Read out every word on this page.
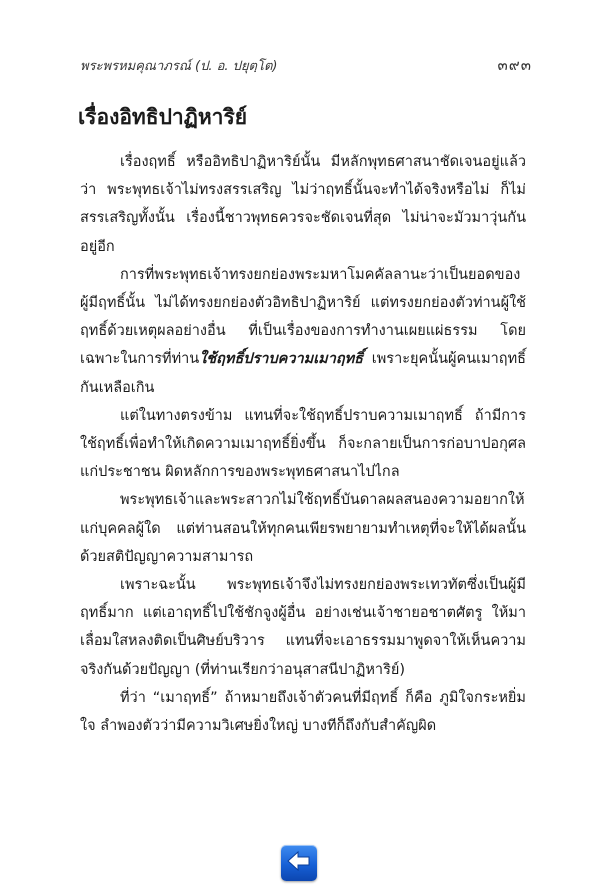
พระพรหมคุณาภรณ์ (ป. อ. ปยุตฺโต)	๓๙๓
เรื่องอิทธิปาฏิหาริย์

เรื่องฤทธิ์ หรืออิทธิปาฏิหาริย์นั้น มีหลักพุทธศาสนาชัดเจนอยู่แล้วว่า พระพุทธเจ้าไม่ทรงสรรเสริญ ไม่ว่าฤทธิ์นั้นจะทำได้จริงหรือไม่ ก็ไม่สรรเสริญทั้งนั้น เรื่องนี้ชาวพุทธควรจะชัดเจนที่สุด ไม่น่าจะมัวมาวุ่นกันอยู่อีก

การที่พระพุทธเจ้าทรงยกย่องพระมหาโมคคัลลานะว่าเป็นยอดของผู้มีฤทธิ์นั้น ไม่ได้ทรงยกย่องตัวอิทธิปาฏิหาริย์ แต่ทรงยกย่องตัวท่านผู้ใช้ฤทธิ์ด้วยเหตุผลอย่างอื่น ที่เป็นเรื่องของการทำงานเผยแผ่ธรรม โดยเฉพาะในการที่ท่านใช้ฤทธิ์ปราบความเมาฤทธิ์ เพราะยุคนั้นผู้คนเมาฤทธิ์กันเหลือเกิน

แต่ในทางตรงข้าม แทนที่จะใช้ฤทธิ์ปราบความเมาฤทธิ์ ถ้ามีการใช้ฤทธิ์เพื่อทำให้เกิดความเมาฤทธิ์ยิ่งขึ้น ก็จะกลายเป็นการก่อบาปอกุศลแก่ประชาชน ผิดหลักการของพระพุทธศาสนาไปไกล

พระพุทธเจ้าและพระสาวกไม่ใช้ฤทธิ์บันดาลผลสนองความอยากให้แก่บุคคลผู้ใด แต่ท่านสอนให้ทุกคนเพียรพยายามทำเหตุที่จะให้ได้ผลนั้นด้วยสติปัญญาความสามารถ

เพราะฉะนั้น พระพุทธเจ้าจึงไม่ทรงยกย่องพระเทวทัตซึ่งเป็นผู้มีฤทธิ์มาก แต่เอาฤทธิ์ไปใช้ชักจูงผู้อื่น อย่างเช่นเจ้าชายอชาตศัตรู ให้มาเลื่อมใสหลงติดเป็นศิษย์บริวาร แทนที่จะเอาธรรมมาพูดจาให้เห็นความจริงกันด้วยปัญญา (ที่ท่านเรียกว่าอนุสาสนีปาฏิหาริย์)

ที่ว่า “เมาฤทธิ์” ถ้าหมายถึงเจ้าตัวคนที่มีฤทธิ์ ก็คือ ภูมิใจกระหยิ่มใจ ลำพองตัวว่ามีความวิเศษยิ่งใหญ่ บางทีก็ถึงกับสำคัญผิด
